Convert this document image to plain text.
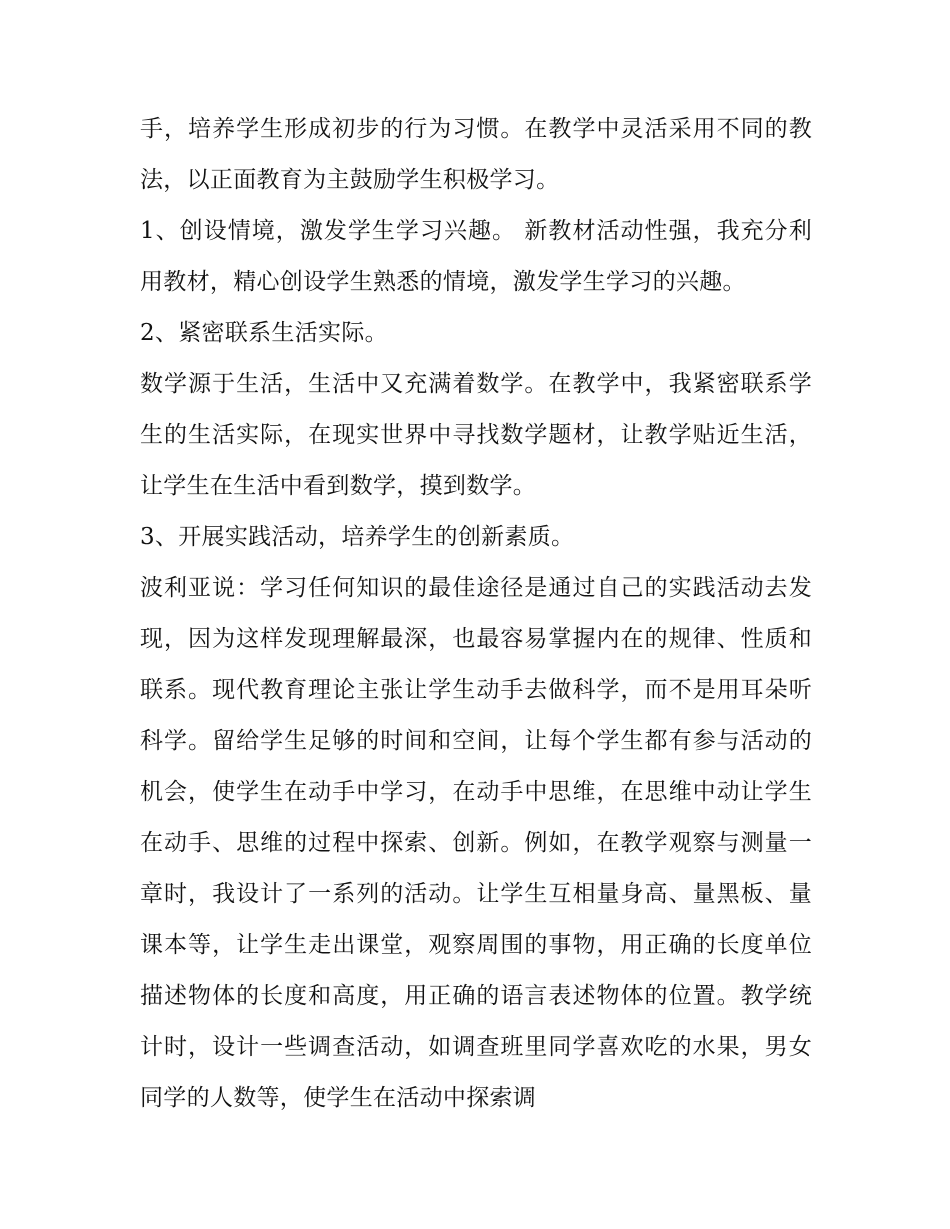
手，培养学生形成初步的行为习惯。在教学中灵活采用不同的教法，以正面教育为主鼓励学生积极学习。

1、创设情境，激发学生学习兴趣。 新教材活动性强，我充分利用教材，精心创设学生熟悉的情境，激发学生学习的兴趣。

2、紧密联系生活实际。

数学源于生活，生活中又充满着数学。在教学中，我紧密联系学生的生活实际，在现实世界中寻找数学题材，让教学贴近生活，让学生在生活中看到数学，摸到数学。

3、开展实践活动，培养学生的创新素质。

波利亚说：学习任何知识的最佳途径是通过自己的实践活动去发现，因为这样发现理解最深，也最容易掌握内在的规律、性质和联系。现代教育理论主张让学生动手去做科学，而不是用耳朵听科学。留给学生足够的时间和空间，让每个学生都有参与活动的机会，使学生在动手中学习，在动手中思维，在思维中动让学生在动手、思维的过程中探索、创新。例如，在教学观察与测量一章时，我设计了一系列的活动。让学生互相量身高、量黑板、量课本等，让学生走出课堂，观察周围的事物，用正确的长度单位描述物体的长度和高度，用正确的语言表述物体的位置。教学统计时，设计一些调查活动，如调查班里同学喜欢吃的水果，男女同学的人数等，使学生在活动中探索调
